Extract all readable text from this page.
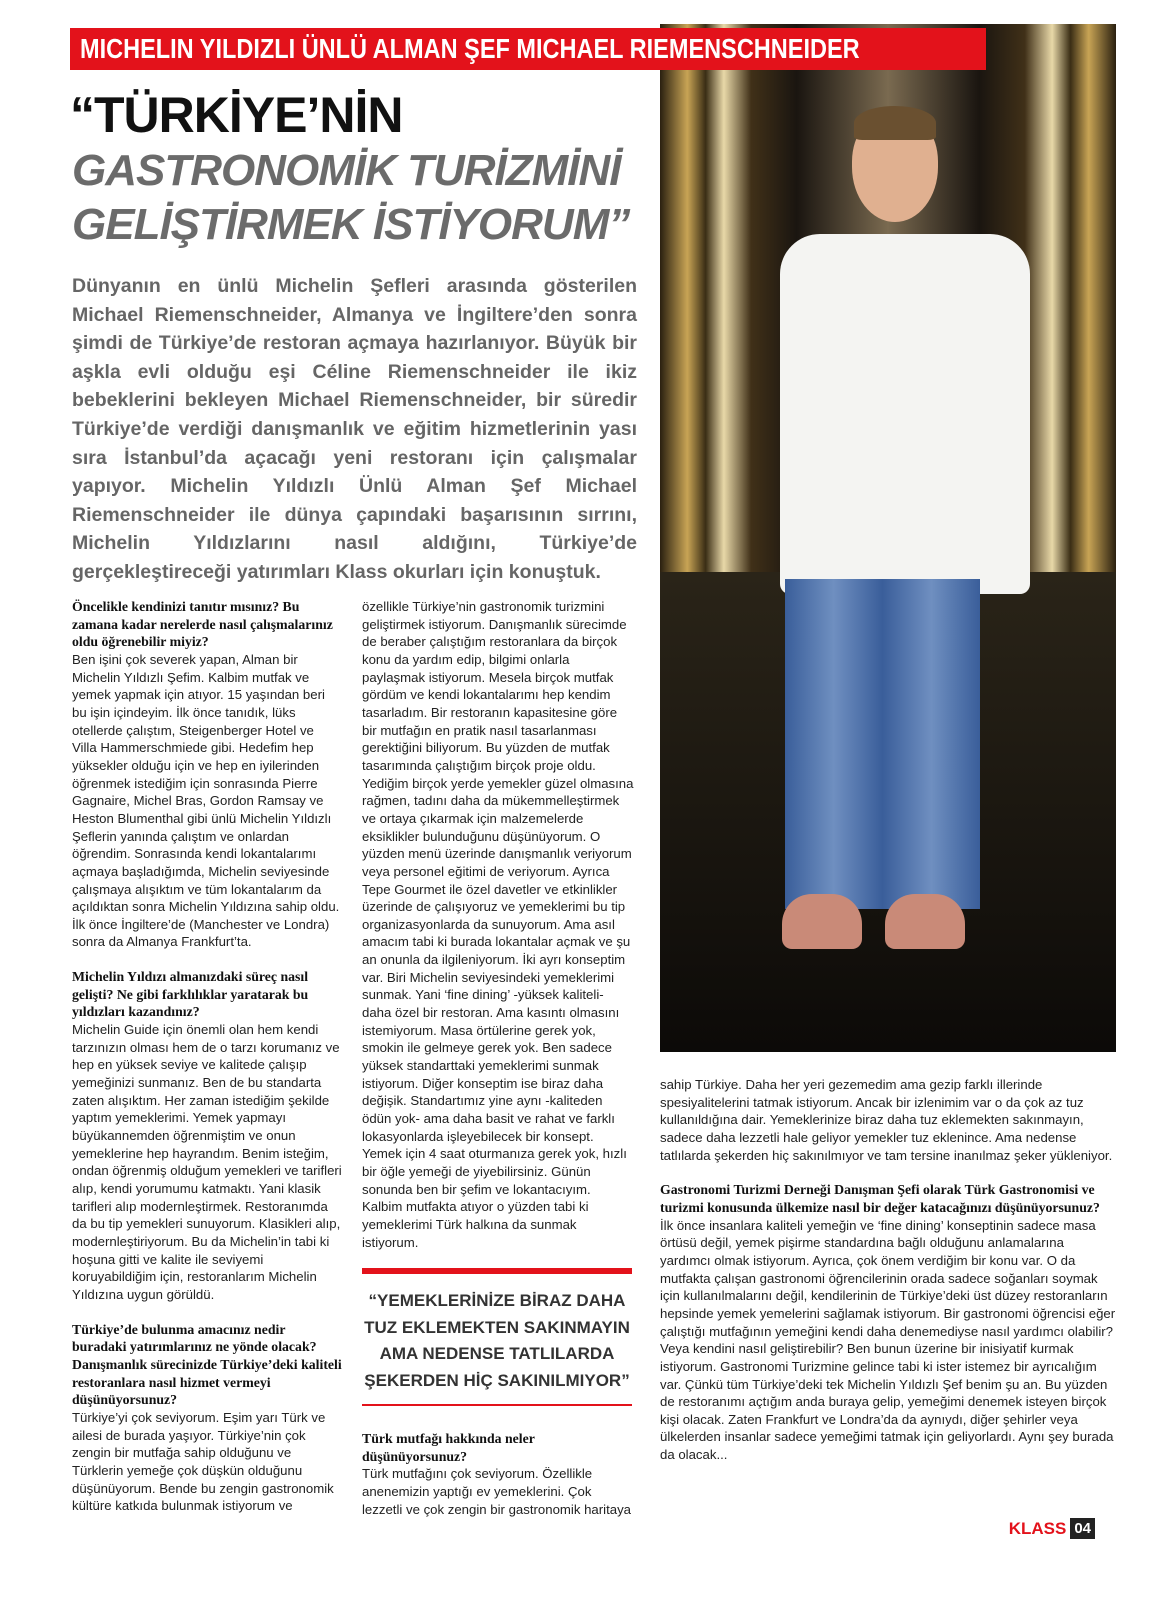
MICHELIN YILDIZLI ÜNLÜ ALMAN ŞEF MICHAEL RIEMENSCHNEIDER
“TÜRKİYE’NİN
GASTRONOMİK TURİZMİNİ
GELİŞTİRMEK İSTİYORUM”
Dünyanın en ünlü Michelin Şefleri arasında gösterilen Michael Riemenschneider, Almanya ve İngiltere’den sonra şimdi de Türkiye’de restoran açmaya hazırlanıyor. Büyük bir aşkla evli olduğu eşi Céline Riemenschneider ile ikiz bebeklerini bekleyen Michael Riemenschneider, bir süredir Türkiye’de verdiği danışmanlık ve eğitim hizmetlerinin yası sıra İstanbul’da açacağı yeni restoranı için çalışmalar yapıyor. Michelin Yıldızlı Ünlü Alman Şef Michael Riemenschneider ile dünya çapındaki başarısının sırrını, Michelin Yıldızlarını nasıl aldığını, Türkiye’de gerçekleştireceği yatırımları Klass okurları için konuştuk.
Öncelikle kendinizi tanıtır mısınız? Bu zamana kadar nerelerde nasıl çalışmalarınız oldu öğrenebilir miyiz?

Ben işini çok severek yapan, Alman bir Michelin Yıldızlı Şefim. Kalbim mutfak ve yemek yapmak için atıyor. 15 yaşından beri bu işin içindeyim. İlk önce tanıdık, lüks otellerde çalıştım, Steigenberger Hotel ve Villa Hammerschmiede gibi. Hedefim hep yüksekler olduğu için ve hep en iyilerinden öğrenmek istediğim için sonrasında Pierre Gagnaire, Michel Bras, Gordon Ramsay ve Heston Blumenthal gibi ünlü Michelin Yıldızlı Şeflerin yanında çalıştım ve onlardan öğrendim. Sonrasında kendi lokantalarımı açmaya başladığımda, Michelin seviyesinde çalışmaya alışıktım ve tüm lokantalarım da açıldıktan sonra Michelin Yıldızına sahip oldu. İlk önce İngiltere’de (Manchester ve Londra) sonra da Almanya Frankfurt’ta.

Michelin Yıldızı almanızdaki süreç nasıl gelişti? Ne gibi farklılıklar yaratarak bu yıldızları kazandınız?

Michelin Guide için önemli olan hem kendi tarzınızın olması hem de o tarzı korumanız ve hep en yüksek seviye ve kalitede çalışıp yemeğinizi sunmanız. Ben de bu standarta zaten alışıktım. Her zaman istediğim şekilde yaptım yemeklerimi. Yemek yapmayı büyükannemden öğrenmiştim ve onun yemeklerine hep hayrandım. Benim isteğim, ondan öğrenmiş olduğum yemekleri ve tarifleri alıp, kendi yorumumu katmaktı. Yani klasik tarifleri alıp modernleştirmek. Restoranımda da bu tip yemekleri sunuyorum. Klasikleri alıp, modernleştiriyorum. Bu da Michelin’in tabi ki hoşuna gitti ve kalite ile seviyemi koruyabildiğim için, restoranlarım Michelin Yıldızına uygun görüldü.

Türkiye’de bulunma amacınız nedir buradaki yatırımlarınız ne yönde olacak? Danışmanlık sürecinizde Türkiye’deki kaliteli restoranlara nasıl hizmet vermeyi düşünüyorsunuz?

Türkiye’yi çok seviyorum. Eşim yarı Türk ve ailesi de burada yaşıyor. Türkiye’nin çok zengin bir mutfağa sahip olduğunu ve Türklerin yemeğe çok düşkün olduğunu düşünüyorum. Bende bu zengin gastronomik kültüre katkıda bulunmak istiyorum ve

özellikle Türkiye’nin gastronomik turizmini geliştirmek istiyorum. Danışmanlık sürecimde de beraber çalıştığım restoranlara da birçok konu da yardım edip, bilgimi onlarla paylaşmak istiyorum. Mesela birçok mutfak gördüm ve kendi lokantalarımı hep kendim tasarladım. Bir restoranın kapasitesine göre bir mutfağın en pratik nasıl tasarlanması gerektiğini biliyorum. Bu yüzden de mutfak tasarımında çalıştığım birçok proje oldu. Yediğim birçok yerde yemekler güzel olmasına rağmen, tadını daha da mükemmelleştirmek ve ortaya çıkarmak için malzemelerde eksiklikler bulunduğunu düşünüyorum. O yüzden menü üzerinde danışmanlık veriyorum veya personel eğitimi de veriyorum. Ayrıca Tepe Gourmet ile özel davetler ve etkinlikler üzerinde de çalışıyoruz ve yemeklerimi bu tip organizasyonlarda da sunuyorum. Ama asıl amacım tabi ki burada lokantalar açmak ve şu an onunla da ilgileniyorum. İki ayrı konseptim var. Biri Michelin seviyesindeki yemeklerimi sunmak. Yani ‘fine dining’ -yüksek kaliteli- daha özel bir restoran. Ama kasıntı olmasını istemiyorum. Masa örtülerine gerek yok, smokin ile gelmeye gerek yok. Ben sadece yüksek standarttaki yemeklerimi sunmak istiyorum. Diğer konseptim ise biraz daha değişik. Standartımız yine aynı -kaliteden ödün yok- ama daha basit ve rahat ve farklı lokasyonlarda işleyebilecek bir konsept. Yemek için 4 saat oturmanıza gerek yok, hızlı bir öğle yemeği de yiyebilirsiniz. Günün sonunda ben bir şefim ve lokantacıyım. Kalbim mutfakta atıyor o yüzden tabi ki yemeklerimi Türk halkına da sunmak istiyorum.

“YEMEKLERİNİZE BİRAZ DAHA TUZ EKLEMEKTEN SAKINMAYIN AMA NEDENSE TATLILARDA ŞEKERDEN HİÇ SAKINILMIYOR”
Türk mutfağı hakkında neler düşünüyorsunuz?

Türk mutfağını çok seviyorum. Özellikle anenemizin yaptığı ev yemeklerini. Çok lezzetli ve çok zengin bir gastronomik haritaya

sahip Türkiye. Daha her yeri gezemedim ama gezip farklı illerinde spesiyalitelerini tatmak istiyorum. Ancak bir izlenimim var o da çok az tuz kullanıldığına dair. Yemeklerinize biraz daha tuz eklemekten sakınmayın, sadece daha lezzetli hale geliyor yemekler tuz eklenince. Ama nedense tatlılarda şekerden hiç sakınılmıyor ve tam tersine inanılmaz şeker yükleniyor.

Gastronomi Turizmi Derneği Danışman Şefi olarak Türk Gastronomisi ve turizmi konusunda ülkemize nasıl bir değer katacağınızı düşünüyorsunuz?

İlk önce insanlara kaliteli yemeğin ve ‘fine dining’ konseptinin sadece masa örtüsü değil, yemek pişirme standardına bağlı olduğunu anlamalarına yardımcı olmak istiyorum. Ayrıca, çok önem verdiğim bir konu var. O da mutfakta çalışan gastronomi öğrencilerinin orada sadece soğanları soymak için kullanılmalarını değil, kendilerinin de Türkiye’deki üst düzey restoranların hepsinde yemek yemelerini sağlamak istiyorum. Bir gastronomi öğrencisi eğer çalıştığı mutfağının yemeğini kendi daha denemediyse nasıl yardımcı olabilir? Veya kendini nasıl geliştirebilir? Ben bunun üzerine bir inisiyatif kurmak istiyorum. Gastronomi Turizmine gelince tabi ki ister istemez bir ayrıcalığım var. Çünkü tüm Türkiye’deki tek Michelin Yıldızlı Şef benim şu an. Bu yüzden de restoranımı açtığım anda buraya gelip, yemeğimi denemek isteyen birçok kişi olacak. Zaten Frankfurt ve Londra’da da aynıydı, diğer şehirler veya ülkelerden insanlar sadece yemeğimi tatmak için geliyorlardı. Aynı şey burada da olacak...

KLASS 04
